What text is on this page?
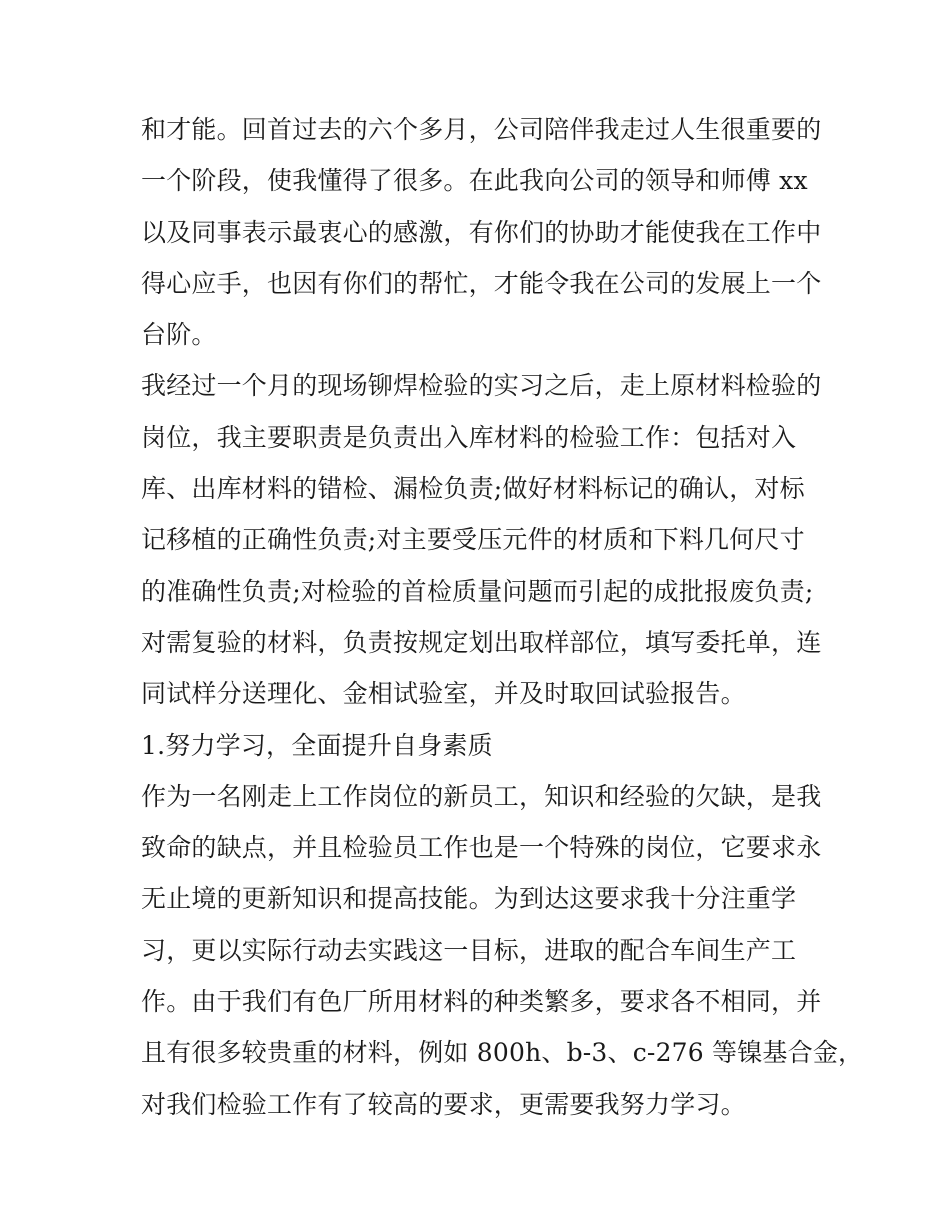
和才能。回首过去的六个多月，公司陪伴我走过人生很重要的
一个阶段，使我懂得了很多。在此我向公司的领导和师傅 xx
以及同事表示最衷心的感激，有你们的协助才能使我在工作中
得心应手，也因有你们的帮忙，才能令我在公司的发展上一个
台阶。
我经过一个月的现场铆焊检验的实习之后，走上原材料检验的
岗位，我主要职责是负责出入库材料的检验工作：包括对入
库、出库材料的错检、漏检负责;做好材料标记的确认，对标
记移植的正确性负责;对主要受压元件的材质和下料几何尺寸
的准确性负责;对检验的首检质量问题而引起的成批报废负责;
对需复验的材料，负责按规定划出取样部位，填写委托单，连
同试样分送理化、金相试验室，并及时取回试验报告。
1.努力学习，全面提升自身素质
作为一名刚走上工作岗位的新员工，知识和经验的欠缺，是我
致命的缺点，并且检验员工作也是一个特殊的岗位，它要求永
无止境的更新知识和提高技能。为到达这要求我十分注重学
习，更以实际行动去实践这一目标，进取的配合车间生产工
作。由于我们有色厂所用材料的种类繁多，要求各不相同，并
且有很多较贵重的材料，例如 800h、b-3、c-276 等镍基合金，
对我们检验工作有了较高的要求，更需要我努力学习。
